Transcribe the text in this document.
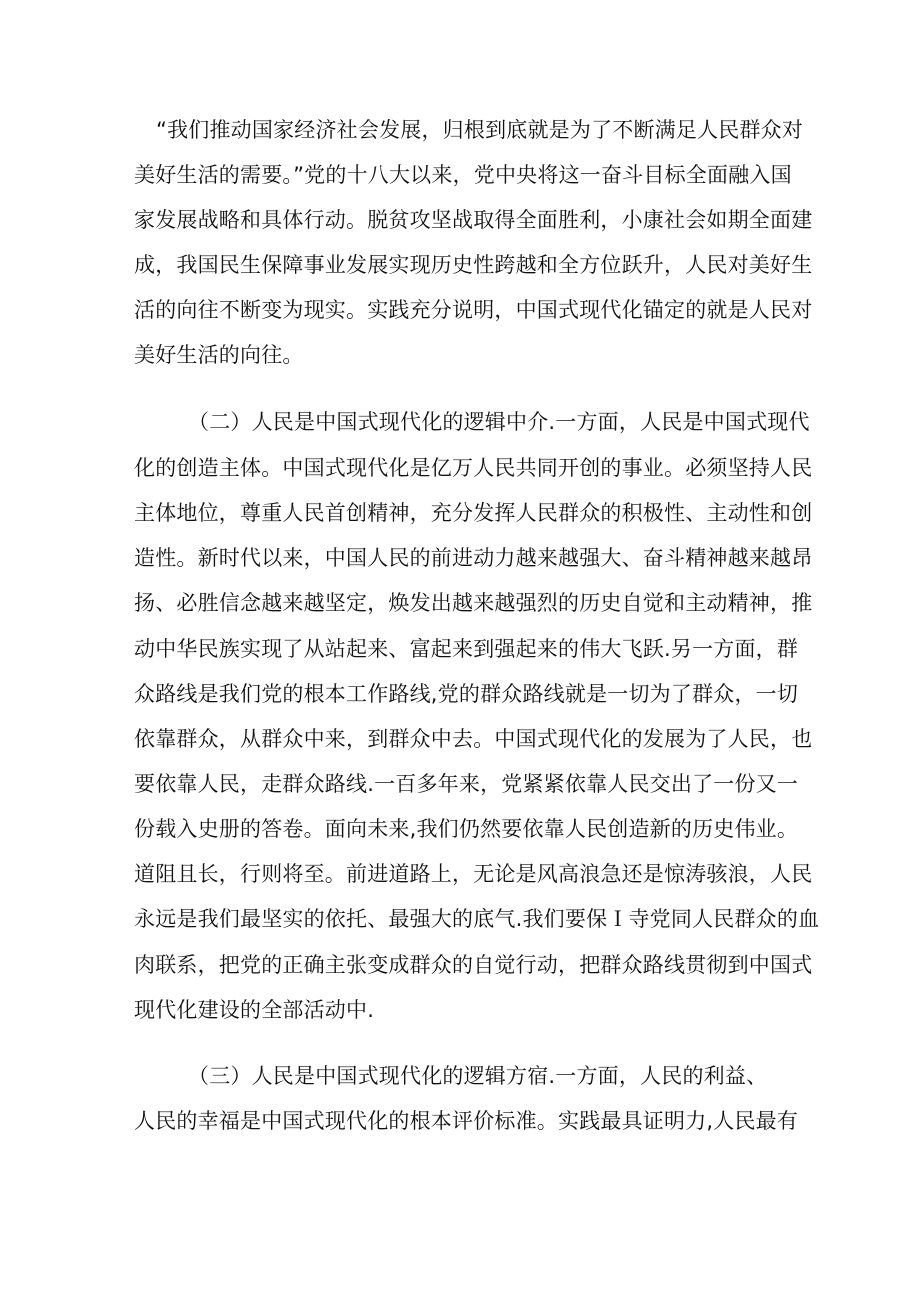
“我们推动国家经济社会发展，归根到底就是为了不断满足人民群众对
美好生活的需要。”党的十八大以来，党中央将这一奋斗目标全面融入国
家发展战略和具体行动。脱贫攻坚战取得全面胜利，小康社会如期全面建
成，我国民生保障事业发展实现历史性跨越和全方位跃升，人民对美好生
活的向往不断变为现实。实践充分说明，中国式现代化锚定的就是人民对
美好生活的向往。
（二）人民是中国式现代化的逻辑中介.一方面，人民是中国式现代
化的创造主体。中国式现代化是亿万人民共同开创的事业。必须坚持人民
主体地位，尊重人民首创精神，充分发挥人民群众的积极性、主动性和创
造性。新时代以来，中国人民的前进动力越来越强大、奋斗精神越来越昂
扬、必胜信念越来越坚定，焕发出越来越强烈的历史自觉和主动精神，推
动中华民族实现了从站起来、富起来到强起来的伟大飞跃.另一方面，群
众路线是我们党的根本工作路线,党的群众路线就是一切为了群众，一切
依靠群众，从群众中来，到群众中去。中国式现代化的发展为了人民，也
要依靠人民，走群众路线.一百多年来，党紧紧依靠人民交出了一份又一
份载入史册的答卷。面向未来,我们仍然要依靠人民创造新的历史伟业。
道阻且长，行则将至。前进道路上，无论是风高浪急还是惊涛骇浪，人民
永远是我们最坚实的依托、最强大的底气.我们要保Ｉ寺党同人民群众的血
肉联系，把党的正确主张变成群众的自觉行动，把群众路线贯彻到中国式
现代化建设的全部活动中.
（三）人民是中国式现代化的逻辑方宿.一方面，人民的利益、
人民的幸福是中国式现代化的根本评价标准。实践最具证明力,人民最有
